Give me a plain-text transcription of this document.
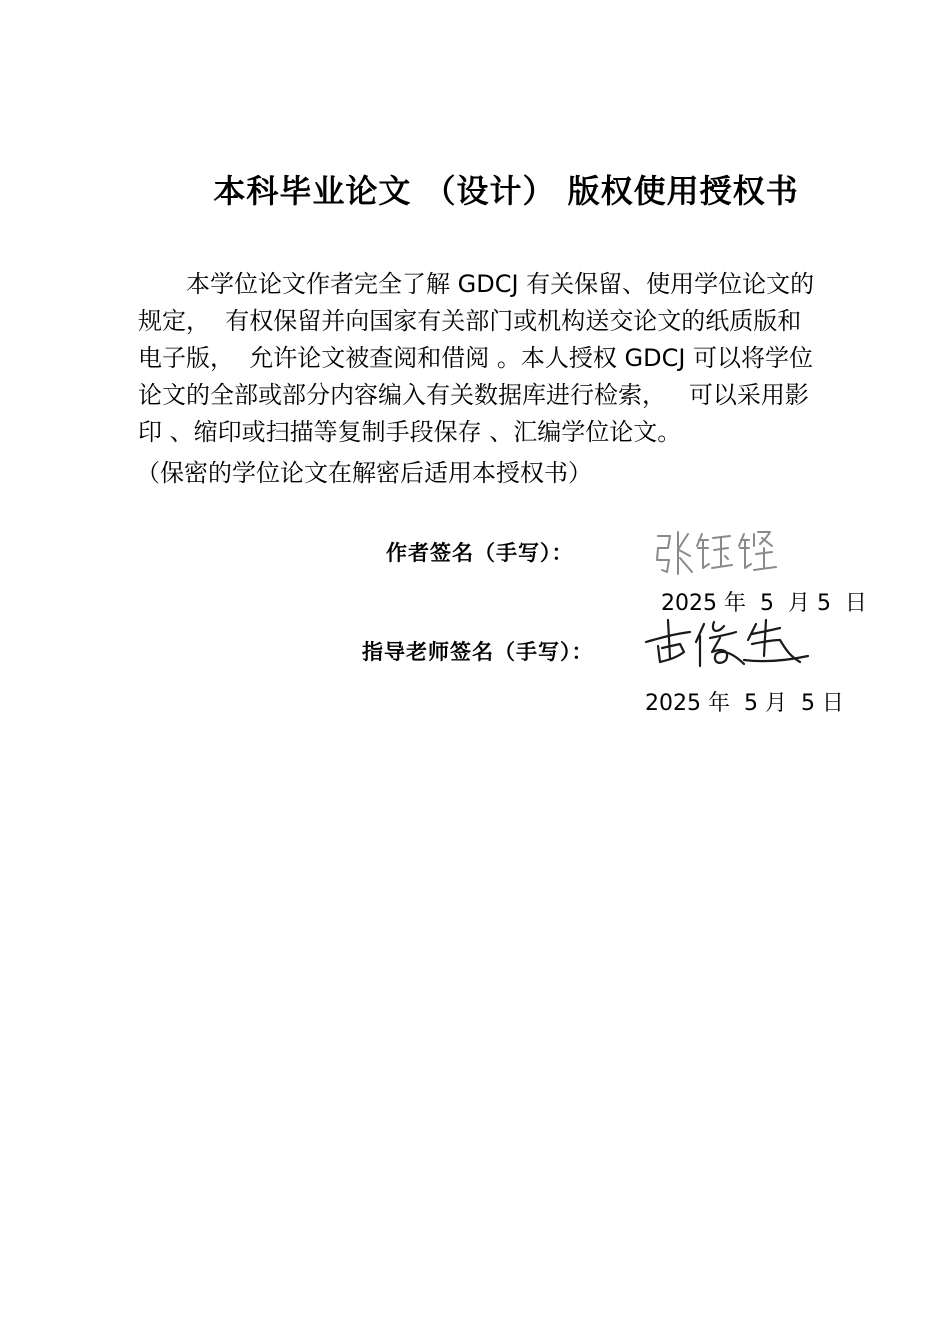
本科毕业论文 （设计） 版权使用授权书

本学位论文作者完全了解 GDCJ 有关保留、使用学位论文的

规定，  有权保留并向国家有关部门或机构送交论文的纸质版和

电子版，  允许论文被查阅和借阅 。本人授权 GDCJ 可以将学位

论文的全部或部分内容编入有关数据库进行检索，   可以采用影

印 、缩印或扫描等复制手段保存 、汇编学位论文。

（保密的学位论文在解密后适用本授权书）

作者签名（手写）：
2025 年  5  月 5  日
指导老师签名（手写）：
2025 年  5 月  5 日
